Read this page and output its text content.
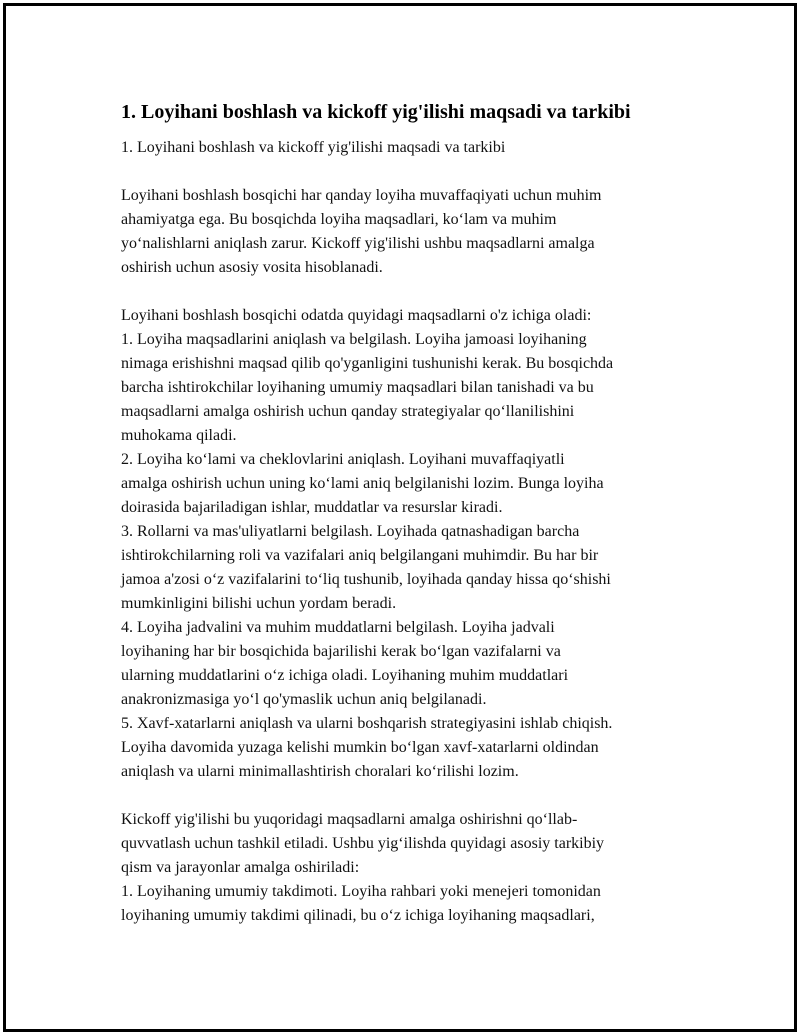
1. Loyihani boshlash va kickoff yig'ilishi maqsadi va tarkibi

1. Loyihani boshlash va kickoff yig'ilishi maqsadi va tarkibi

Loyihani boshlash bosqichi har qanday loyiha muvaffaqiyati uchun muhim
ahamiyatga ega. Bu bosqichda loyiha maqsadlari, ko‘lam va muhim
yo‘nalishlarni aniqlash zarur. Kickoff yig'ilishi ushbu maqsadlarni amalga
oshirish uchun asosiy vosita hisoblanadi.

Loyihani boshlash bosqichi odatda quyidagi maqsadlarni o'z ichiga oladi:
1. Loyiha maqsadlarini aniqlash va belgilash. Loyiha jamoasi loyihaning
nimaga erishishni maqsad qilib qo'yganligini tushunishi kerak. Bu bosqichda
barcha ishtirokchilar loyihaning umumiy maqsadlari bilan tanishadi va bu
maqsadlarni amalga oshirish uchun qanday strategiyalar qo‘llanilishini
muhokama qiladi.
2. Loyiha ko‘lami va cheklovlarini aniqlash. Loyihani muvaffaqiyatli
amalga oshirish uchun uning ko‘lami aniq belgilanishi lozim. Bunga loyiha
doirasida bajariladigan ishlar, muddatlar va resurslar kiradi.
3. Rollarni va mas'uliyatlarni belgilash. Loyihada qatnashadigan barcha
ishtirokchilarning roli va vazifalari aniq belgilangani muhimdir. Bu har bir
jamoa a'zosi o‘z vazifalarini to‘liq tushunib, loyihada qanday hissa qo‘shishi
mumkinligini bilishi uchun yordam beradi.
4. Loyiha jadvalini va muhim muddatlarni belgilash. Loyiha jadvali
loyihaning har bir bosqichida bajarilishi kerak bo‘lgan vazifalarni va
ularning muddatlarini o‘z ichiga oladi. Loyihaning muhim muddatlari
anakronizmasiga yo‘l qo'ymaslik uchun aniq belgilanadi.
5. Xavf-xatarlarni aniqlash va ularni boshqarish strategiyasini ishlab chiqish.
Loyiha davomida yuzaga kelishi mumkin bo‘lgan xavf-xatarlarni oldindan
aniqlash va ularni minimallashtirish choralari ko‘rilishi lozim.

Kickoff yig'ilishi bu yuqoridagi maqsadlarni amalga oshirishni qo‘llab-
quvvatlash uchun tashkil etiladi. Ushbu yig‘ilishda quyidagi asosiy tarkibiy
qism va jarayonlar amalga oshiriladi:
1. Loyihaning umumiy takdimoti. Loyiha rahbari yoki menejeri tomonidan
loyihaning umumiy takdimi qilinadi, bu o‘z ichiga loyihaning maqsadlari,
